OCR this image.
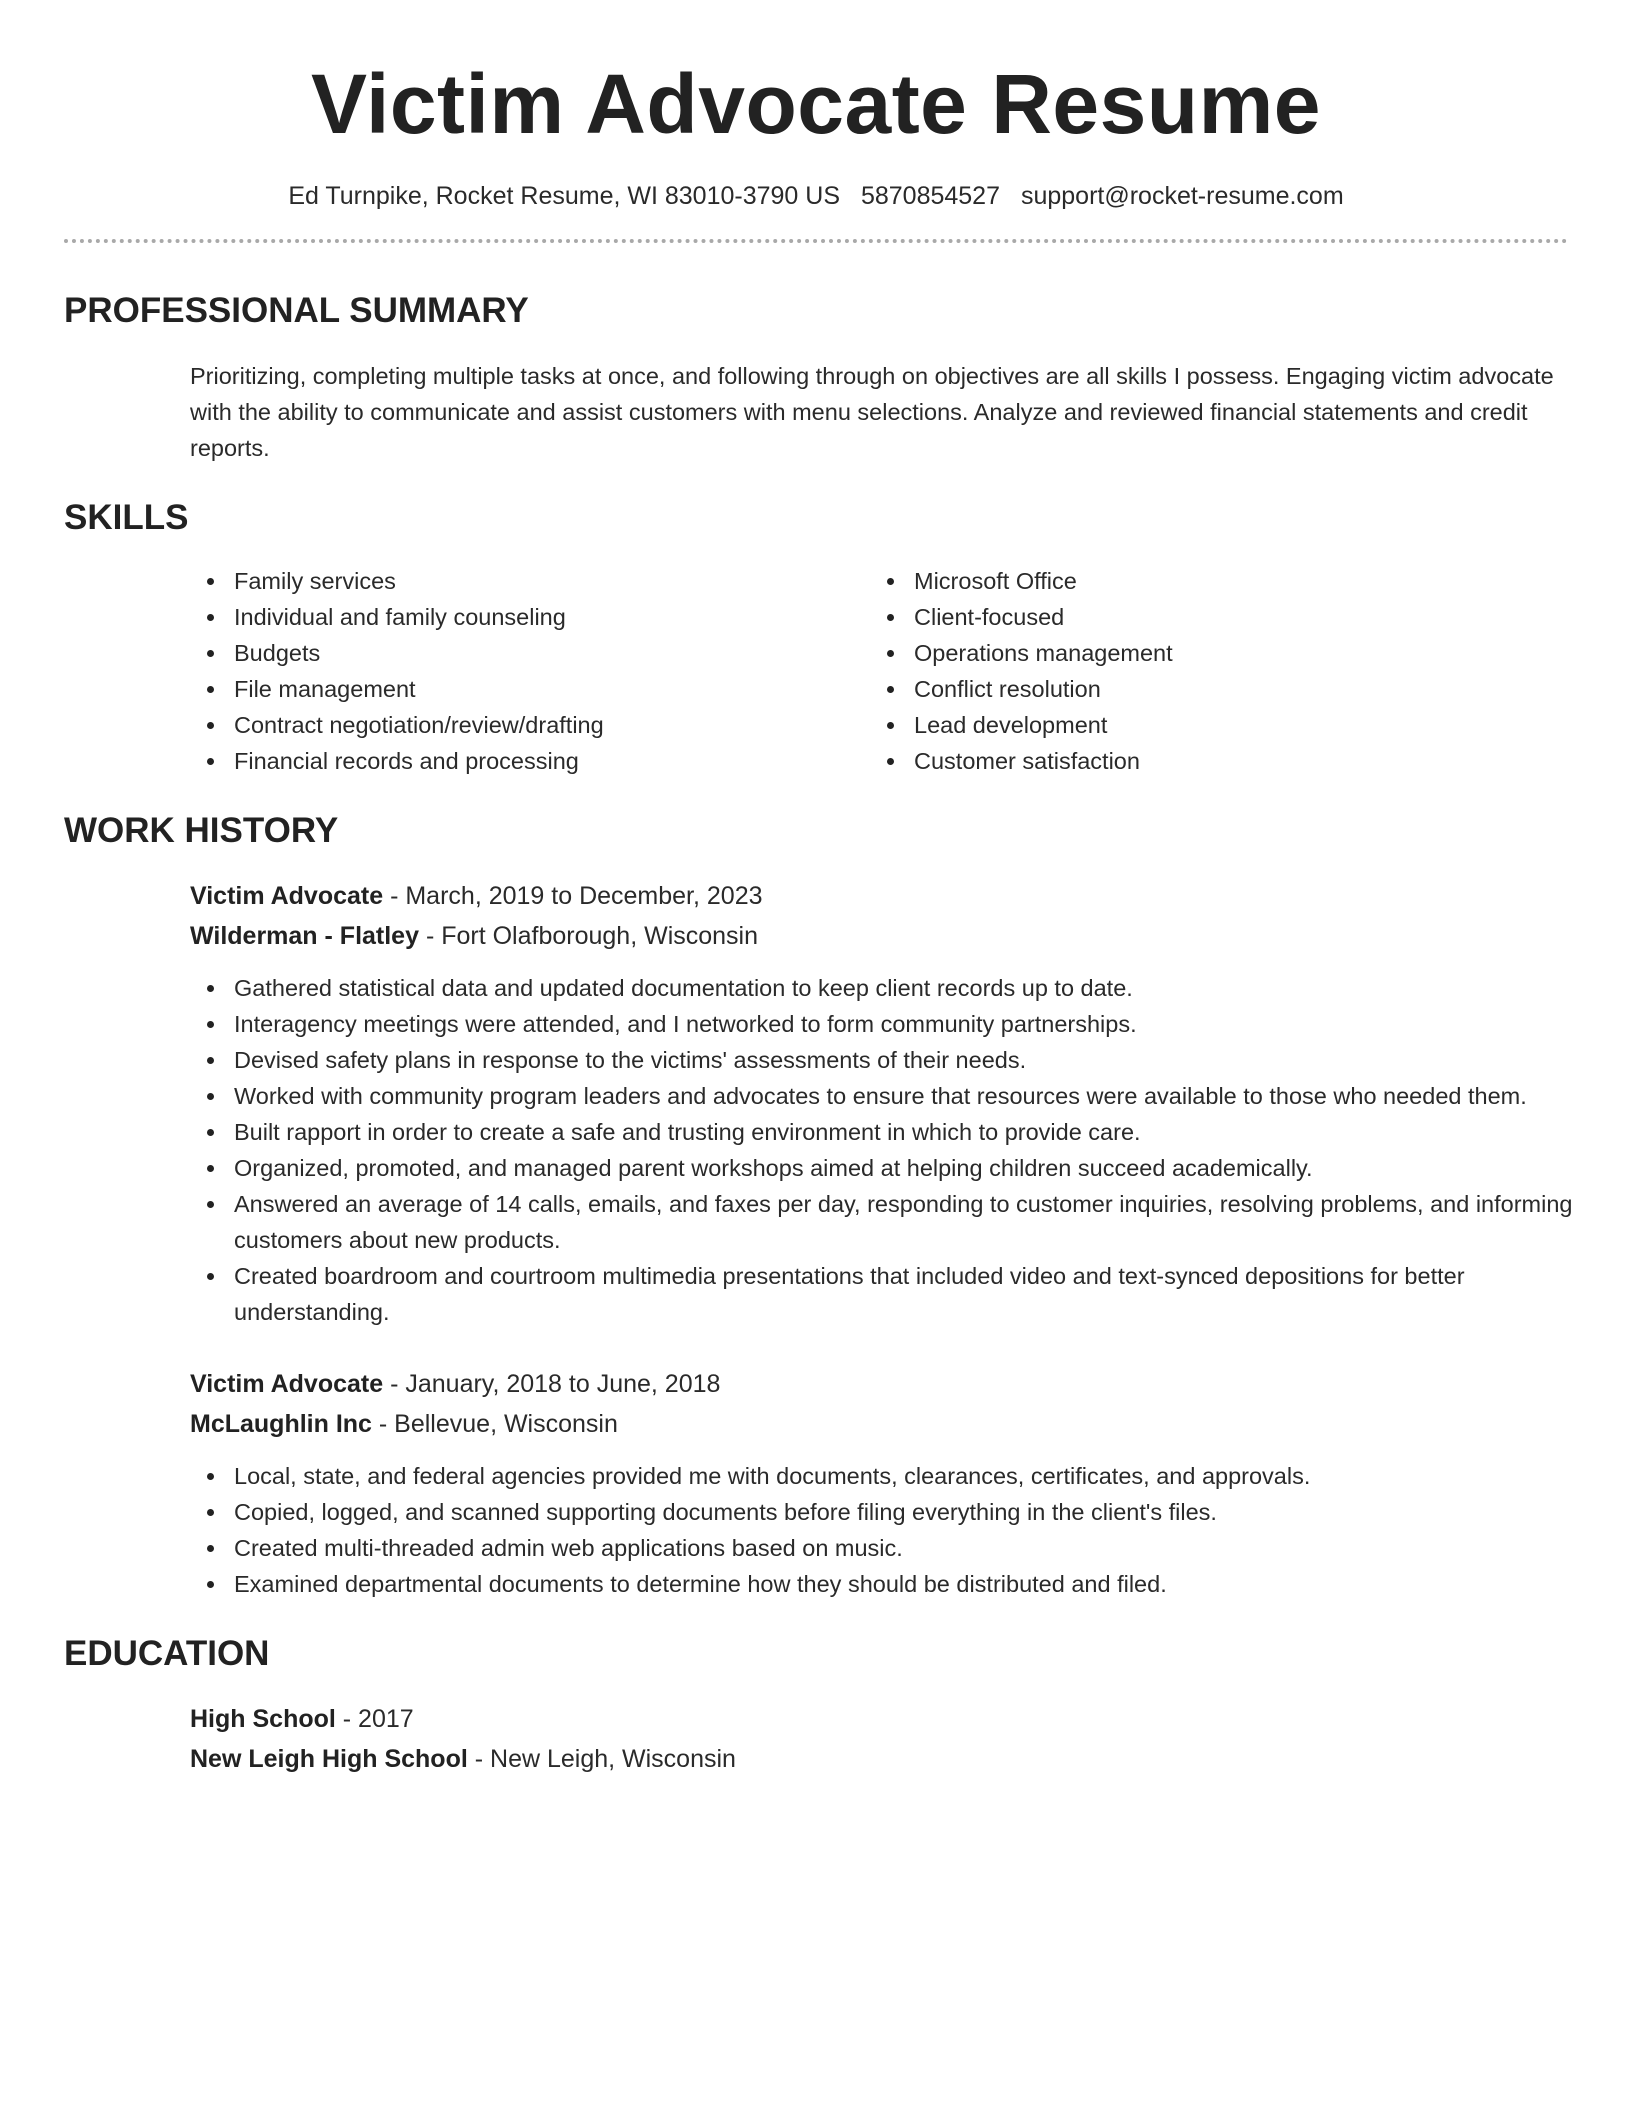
Victim Advocate Resume
Ed Turnpike, Rocket Resume, WI 83010-3790 US 5870854527 support@rocket-resume.com
PROFESSIONAL SUMMARY

Prioritizing, completing multiple tasks at once, and following through on objectives are all skills I possess. Engaging victim advocate with the ability to communicate and assist customers with menu selections. Analyze and reviewed financial statements and credit reports.

SKILLS
Family services
Individual and family counseling
Budgets
File management
Contract negotiation/review/drafting
Financial records and processing
Microsoft Office
Client-focused
Operations management
Conflict resolution
Lead development
Customer satisfaction
WORK HISTORY
Victim Advocate - March, 2019 to December, 2023
Wilderman - Flatley - Fort Olafborough, Wisconsin
Gathered statistical data and updated documentation to keep client records up to date.
Interagency meetings were attended, and I networked to form community partnerships.
Devised safety plans in response to the victims' assessments of their needs.
Worked with community program leaders and advocates to ensure that resources were available to those who needed them.
Built rapport in order to create a safe and trusting environment in which to provide care.
Organized, promoted, and managed parent workshops aimed at helping children succeed academically.
Answered an average of 14 calls, emails, and faxes per day, responding to customer inquiries, resolving problems, and informing customers about new products.
Created boardroom and courtroom multimedia presentations that included video and text-synced depositions for better understanding.
Victim Advocate - January, 2018 to June, 2018
McLaughlin Inc - Bellevue, Wisconsin
Local, state, and federal agencies provided me with documents, clearances, certificates, and approvals.
Copied, logged, and scanned supporting documents before filing everything in the client's files.
Created multi-threaded admin web applications based on music.
Examined departmental documents to determine how they should be distributed and filed.
EDUCATION
High School - 2017
New Leigh High School - New Leigh, Wisconsin
